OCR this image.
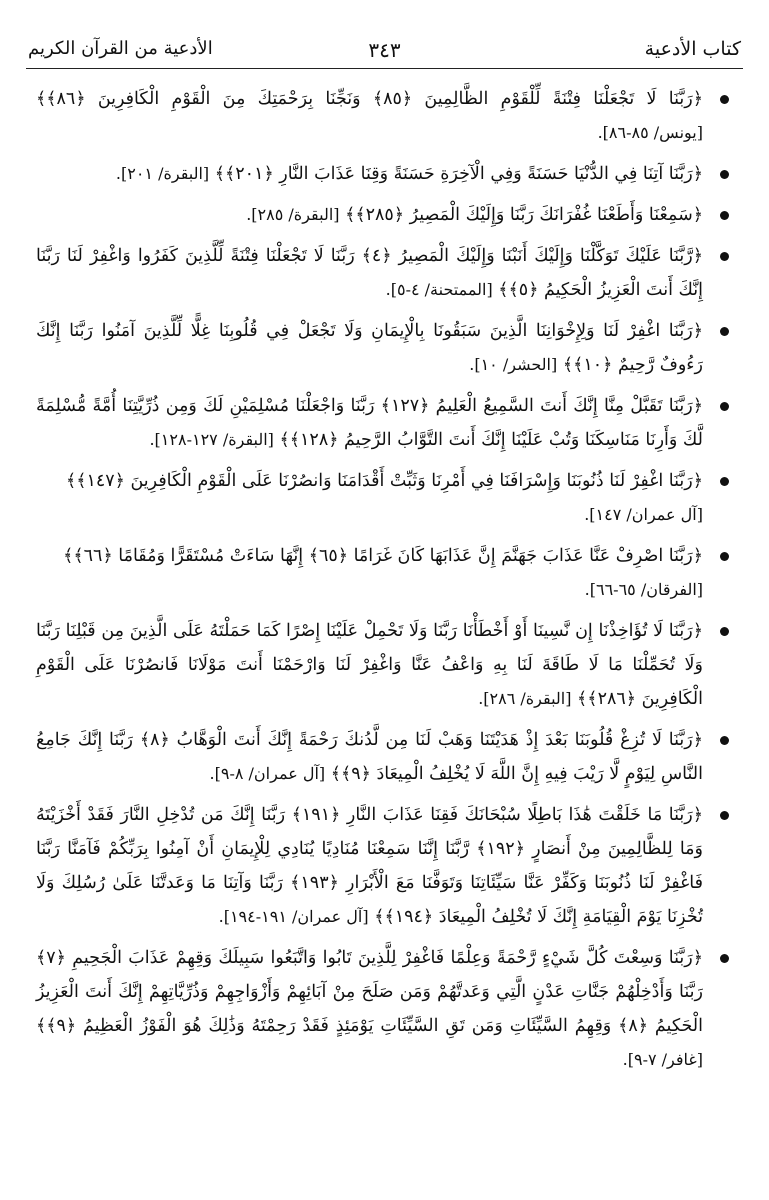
كتاب الأدعية
٣٤٣
الأدعية من القرآن الكريم
﴿رَبَّنَا لَا تَجْعَلْنَا فِتْنَةً لِّلْقَوْمِ الظَّالِمِينَ ﴿٨٥﴾ وَنَجِّنَا بِرَحْمَتِكَ مِنَ الْقَوْمِ الْكَافِرِينَ ﴿٨٦﴾﴾ [يونس/ ٨٥-٨٦].
﴿رَبَّنَا آتِنَا فِي الدُّنْيَا حَسَنَةً وَفِي الْآخِرَةِ حَسَنَةً وَقِنَا عَذَابَ النَّارِ ﴿٢٠١﴾﴾ [البقرة/ ٢٠١].
﴿سَمِعْنَا وَأَطَعْنَا غُفْرَانَكَ رَبَّنَا وَإِلَيْكَ الْمَصِيرُ ﴿٢٨٥﴾﴾ [البقرة/ ٢٨٥].
﴿رَّبَّنَا عَلَيْكَ تَوَكَّلْنَا وَإِلَيْكَ أَنَبْنَا وَإِلَيْكَ الْمَصِيرُ ﴿٤﴾ رَبَّنَا لَا تَجْعَلْنَا فِتْنَةً لِّلَّذِينَ كَفَرُوا وَاغْفِرْ لَنَا رَبَّنَا إِنَّكَ أَنتَ الْعَزِيزُ الْحَكِيمُ ﴿٥﴾﴾ [الممتحنة/ ٤-٥].
﴿رَبَّنَا اغْفِرْ لَنَا وَلِإِخْوَانِنَا الَّذِينَ سَبَقُونَا بِالْإِيمَانِ وَلَا تَجْعَلْ فِي قُلُوبِنَا غِلًّا لِّلَّذِينَ آمَنُوا رَبَّنَا إِنَّكَ رَءُوفٌ رَّحِيمٌ ﴿١٠﴾﴾ [الحشر/ ١٠].
﴿رَبَّنَا تَقَبَّلْ مِنَّا إِنَّكَ أَنتَ السَّمِيعُ الْعَلِيمُ ﴿١٢٧﴾ رَبَّنَا وَاجْعَلْنَا مُسْلِمَيْنِ لَكَ وَمِن ذُرِّيَّتِنَا أُمَّةً مُّسْلِمَةً لَّكَ وَأَرِنَا مَنَاسِكَنَا وَتُبْ عَلَيْنَا إِنَّكَ أَنتَ التَّوَّابُ الرَّحِيمُ ﴿١٢٨﴾﴾ [البقرة/ ١٢٧-١٢٨].
﴿رَبَّنَا اغْفِرْ لَنَا ذُنُوبَنَا وَإِسْرَافَنَا فِي أَمْرِنَا وَثَبِّتْ أَقْدَامَنَا وَانصُرْنَا عَلَى الْقَوْمِ الْكَافِرِينَ ﴿١٤٧﴾﴾
[آل عمران/ ١٤٧].
﴿رَبَّنَا اصْرِفْ عَنَّا عَذَابَ جَهَنَّمَ إِنَّ عَذَابَهَا كَانَ غَرَامًا ﴿٦٥﴾ إِنَّهَا سَاءَتْ مُسْتَقَرًّا وَمُقَامًا ﴿٦٦﴾﴾
[الفرقان/ ٦٥-٦٦].
﴿رَبَّنَا لَا تُؤَاخِذْنَا إِن نَّسِينَا أَوْ أَخْطَأْنَا رَبَّنَا وَلَا تَحْمِلْ عَلَيْنَا إِصْرًا كَمَا حَمَلْتَهُ عَلَى الَّذِينَ مِن قَبْلِنَا رَبَّنَا وَلَا تُحَمِّلْنَا مَا لَا طَاقَةَ لَنَا بِهِ وَاعْفُ عَنَّا وَاغْفِرْ لَنَا وَارْحَمْنَا أَنتَ مَوْلَانَا فَانصُرْنَا عَلَى الْقَوْمِ الْكَافِرِينَ ﴿٢٨٦﴾﴾ [البقرة/ ٢٨٦].
﴿رَبَّنَا لَا تُزِغْ قُلُوبَنَا بَعْدَ إِذْ هَدَيْتَنَا وَهَبْ لَنَا مِن لَّدُنكَ رَحْمَةً إِنَّكَ أَنتَ الْوَهَّابُ ﴿٨﴾ رَبَّنَا إِنَّكَ جَامِعُ النَّاسِ لِيَوْمٍ لَّا رَيْبَ فِيهِ إِنَّ اللَّهَ لَا يُخْلِفُ الْمِيعَادَ ﴿٩﴾﴾ [آل عمران/ ٨-٩].
﴿رَبَّنَا مَا خَلَقْتَ هَٰذَا بَاطِلًا سُبْحَانَكَ فَقِنَا عَذَابَ النَّارِ ﴿١٩١﴾ رَبَّنَا إِنَّكَ مَن تُدْخِلِ النَّارَ فَقَدْ أَخْزَيْتَهُ وَمَا لِلظَّالِمِينَ مِنْ أَنصَارٍ ﴿١٩٢﴾ رَّبَّنَا إِنَّنَا سَمِعْنَا مُنَادِيًا يُنَادِي لِلْإِيمَانِ أَنْ آمِنُوا بِرَبِّكُمْ فَآمَنَّا رَبَّنَا فَاغْفِرْ لَنَا ذُنُوبَنَا وَكَفِّرْ عَنَّا سَيِّئَاتِنَا وَتَوَفَّنَا مَعَ الْأَبْرَارِ ﴿١٩٣﴾ رَبَّنَا وَآتِنَا مَا وَعَدتَّنَا عَلَىٰ رُسُلِكَ وَلَا تُخْزِنَا يَوْمَ الْقِيَامَةِ إِنَّكَ لَا تُخْلِفُ الْمِيعَادَ ﴿١٩٤﴾﴾ [آل عمران/ ١٩١-١٩٤].
﴿رَبَّنَا وَسِعْتَ كُلَّ شَيْءٍ رَّحْمَةً وَعِلْمًا فَاغْفِرْ لِلَّذِينَ تَابُوا وَاتَّبَعُوا سَبِيلَكَ وَقِهِمْ عَذَابَ الْجَحِيمِ ﴿٧﴾ رَبَّنَا وَأَدْخِلْهُمْ جَنَّاتِ عَدْنٍ الَّتِي وَعَدتَّهُمْ وَمَن صَلَحَ مِنْ آبَائِهِمْ وَأَزْوَاجِهِمْ وَذُرِّيَّاتِهِمْ إِنَّكَ أَنتَ الْعَزِيزُ الْحَكِيمُ ﴿٨﴾ وَقِهِمُ السَّيِّئَاتِ وَمَن تَقِ السَّيِّئَاتِ يَوْمَئِذٍ فَقَدْ رَحِمْتَهُ وَذَٰلِكَ هُوَ الْفَوْزُ الْعَظِيمُ ﴿٩﴾﴾ [غافر/ ٧-٩].
